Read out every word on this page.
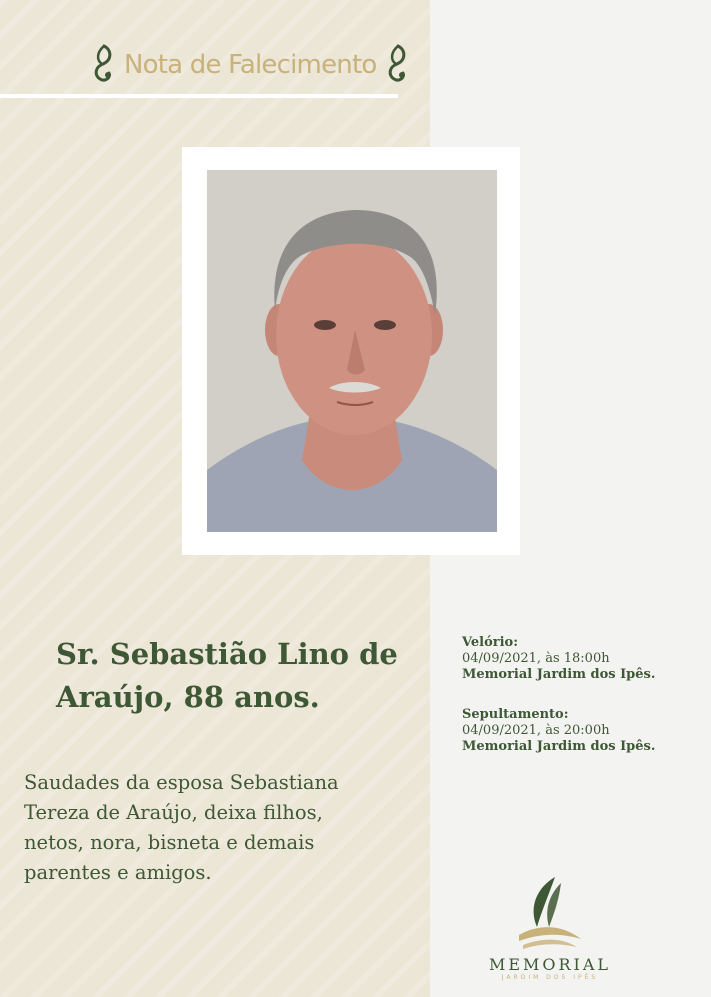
Nota de Falecimento
Sr. Sebastião Lino de
Araújo, 88 anos.
Saudades da esposa Sebastiana
Tereza de Araújo, deixa filhos,
netos, nora, bisneta e demais
parentes e amigos.
Velório:
04/09/2021, às 18:00h
Memorial Jardim dos Ipês.
Sepultamento:
04/09/2021, às 20:00h
Memorial Jardim dos Ipês.
MEMORIAL
JARDIM DOS IPÊS
